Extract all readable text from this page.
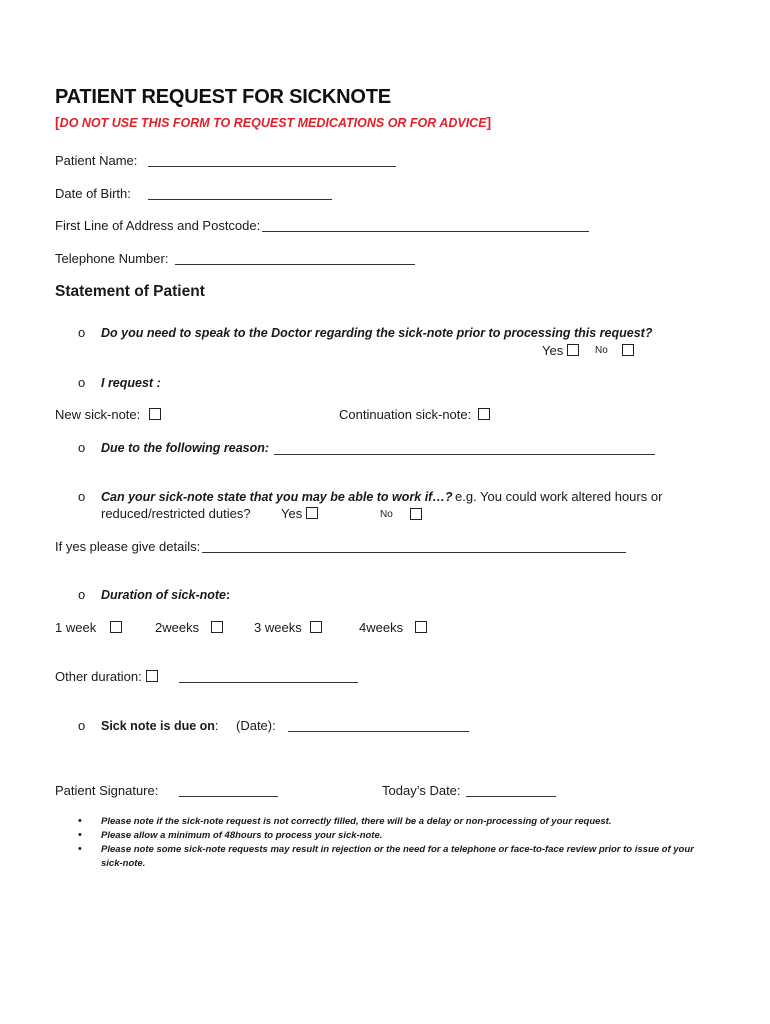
PATIENT REQUEST FOR SICKNOTE
[DO NOT USE THIS FORM TO REQUEST MEDICATIONS OR FOR ADVICE]
Patient Name:
Date of Birth:
First Line of Address and Postcode:
Telephone Number:
Statement of Patient
o Do you need to speak to the Doctor regarding the sick-note prior to processing this request?
Yes	No
o I request :
New sick-note:	Continuation sick-note:
o Due to the following reason:
o Can your sick-note state that you may be able to work if…? e.g. You could work altered hours or
reduced/restricted duties? Yes	No
If yes please give details:
o Duration of sick-note:
1 week	2weeks	3 weeks	4weeks
Other duration:
o Sick note is due on: (Date):
Patient Signature:	Today’s Date:
• Please note if the sick-note request is not correctly filled, there will be a delay or non-processing of your request.
• Please allow a minimum of 48hours to process your sick-note.
• Please note some sick-note requests may result in rejection or the need for a telephone or face-to-face review prior to issue of your
sick-note.
